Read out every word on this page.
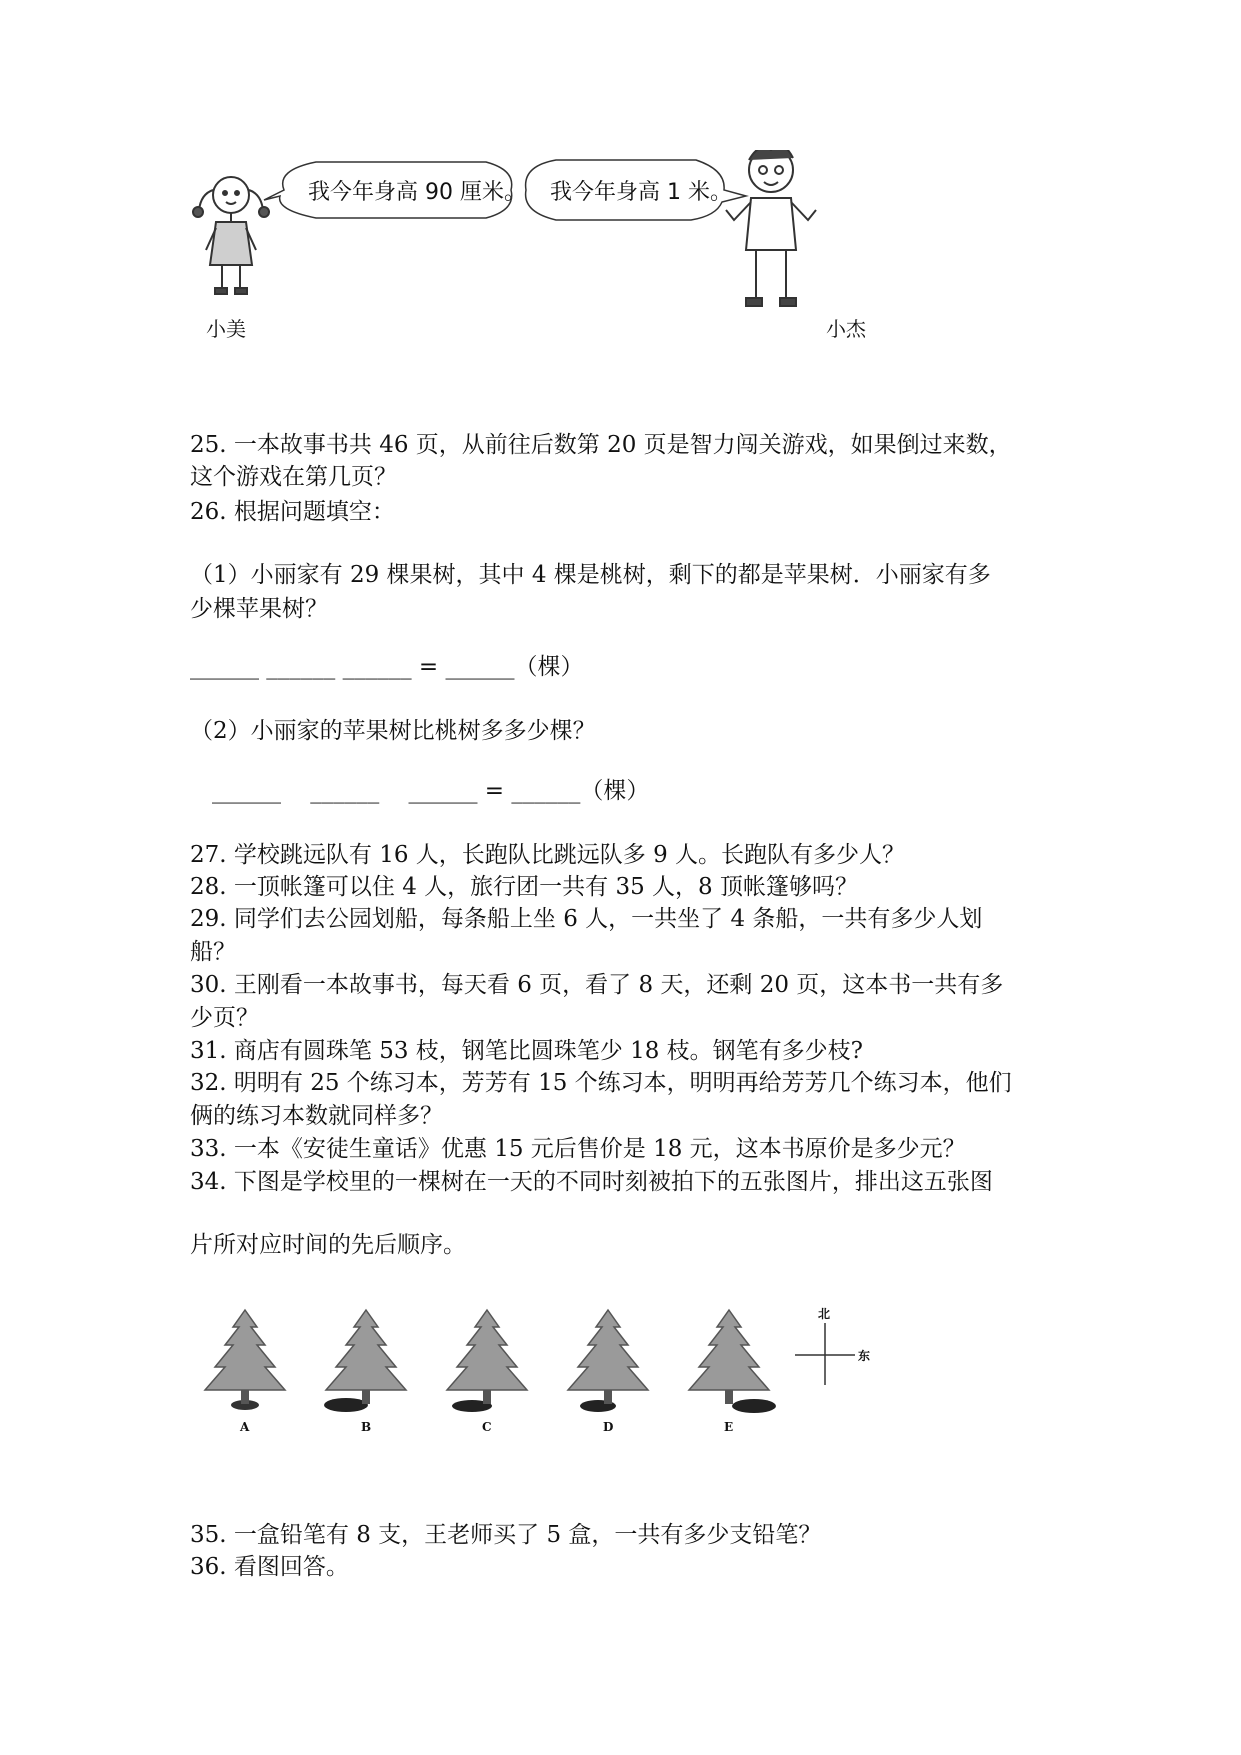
我今年身高 90 厘米。 我今年身高 1 米。
小美	小杰
25. 一本故事书共 46 页，从前往后数第 20 页是智力闯关游戏，如果倒过来数，
这个游戏在第几页？
26. 根据问题填空：
（1）小丽家有 29 棵果树，其中 4 棵是桃树，剩下的都是苹果树．小丽家有多
少棵苹果树？
______ ______ ______ = ______（棵）
（2）小丽家的苹果树比桃树多多少棵？
______    ______    ______ = ______（棵）
27. 学校跳远队有 16 人，长跑队比跳远队多 9 人。长跑队有多少人？
28. 一顶帐篷可以住 4 人，旅行团一共有 35 人，8 顶帐篷够吗？
29. 同学们去公园划船，每条船上坐 6 人，一共坐了 4 条船，一共有多少人划
船？
30. 王刚看一本故事书，每天看 6 页，看了 8 天，还剩 20 页，这本书一共有多
少页？
31. 商店有圆珠笔 53 枝，钢笔比圆珠笔少 18 枝。钢笔有多少枝?
32. 明明有 25 个练习本，芳芳有 15 个练习本，明明再给芳芳几个练习本，他们
俩的练习本数就同样多？
33. 一本《安徒生童话》优惠 15 元后售价是 18 元，这本书原价是多少元？
34. 下图是学校里的一棵树在一天的不同时刻被拍下的五张图片，排出这五张图
片所对应时间的先后顺序。
A	B	C	D	E
北
东
35. 一盒铅笔有 8 支，王老师买了 5 盒，一共有多少支铅笔？
36. 看图回答。
